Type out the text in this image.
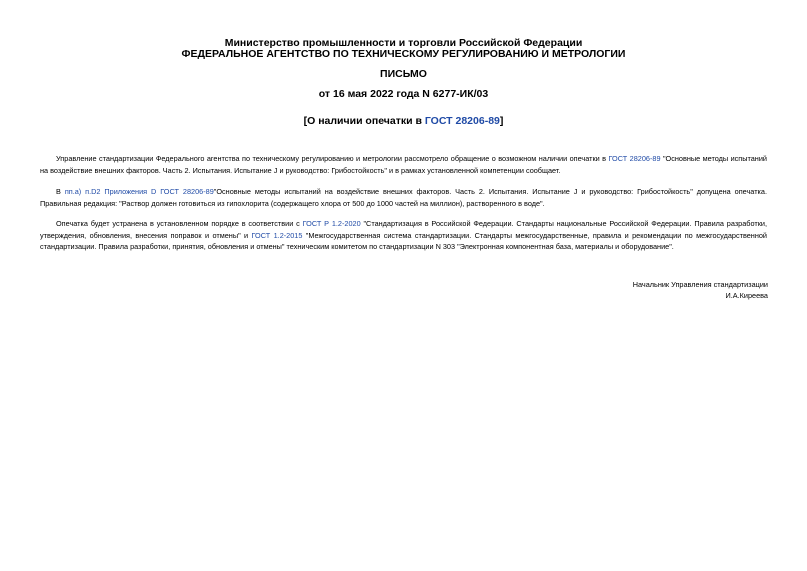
Министерство промышленности и торговли Российской Федерации
ФЕДЕРАЛЬНОЕ АГЕНТСТВО ПО ТЕХНИЧЕСКОМУ РЕГУЛИРОВАНИЮ И МЕТРОЛОГИИ
ПИСЬМО
от 16 мая 2022 года N 6277-ИК/03
[О наличии опечатки в ГОСТ 28206-89]
Управление стандартизации Федерального агентства по техническому регулированию и метрологии рассмотрело обращение о возможном наличии опечатки в ГОСТ 28206-89 "Основные методы испытаний на воздействие внешних факторов. Часть 2. Испытания. Испытание J и руководство: Грибостойкость" и в рамках установленной компетенции сообщает.
В пп.a) п.D2 Приложения D ГОСТ 28206-89"Основные методы испытаний на воздействие внешних факторов. Часть 2. Испытания. Испытание J и руководство: Грибостойкость" допущена опечатка. Правильная редакция: "Раствор должен готовиться из гипохлорита (содержащего хлора от 500 до 1000 частей на миллион), растворенного в воде".
Опечатка будет устранена в установленном порядке в соответствии с ГОСТ Р 1.2-2020 "Стандартизация в Российской Федерации. Стандарты национальные Российской Федерации. Правила разработки, утверждения, обновления, внесения поправок и отмены" и ГОСТ 1.2-2015 "Межгосударственная система стандартизации. Стандарты межгосударственные, правила и рекомендации по межгосударственной стандартизации. Правила разработки, принятия, обновления и отмены" техническим комитетом по стандартизации N 303 "Электронная компонентная база, материалы и оборудование".
Начальник Управления стандартизации
И.А.Киреева
